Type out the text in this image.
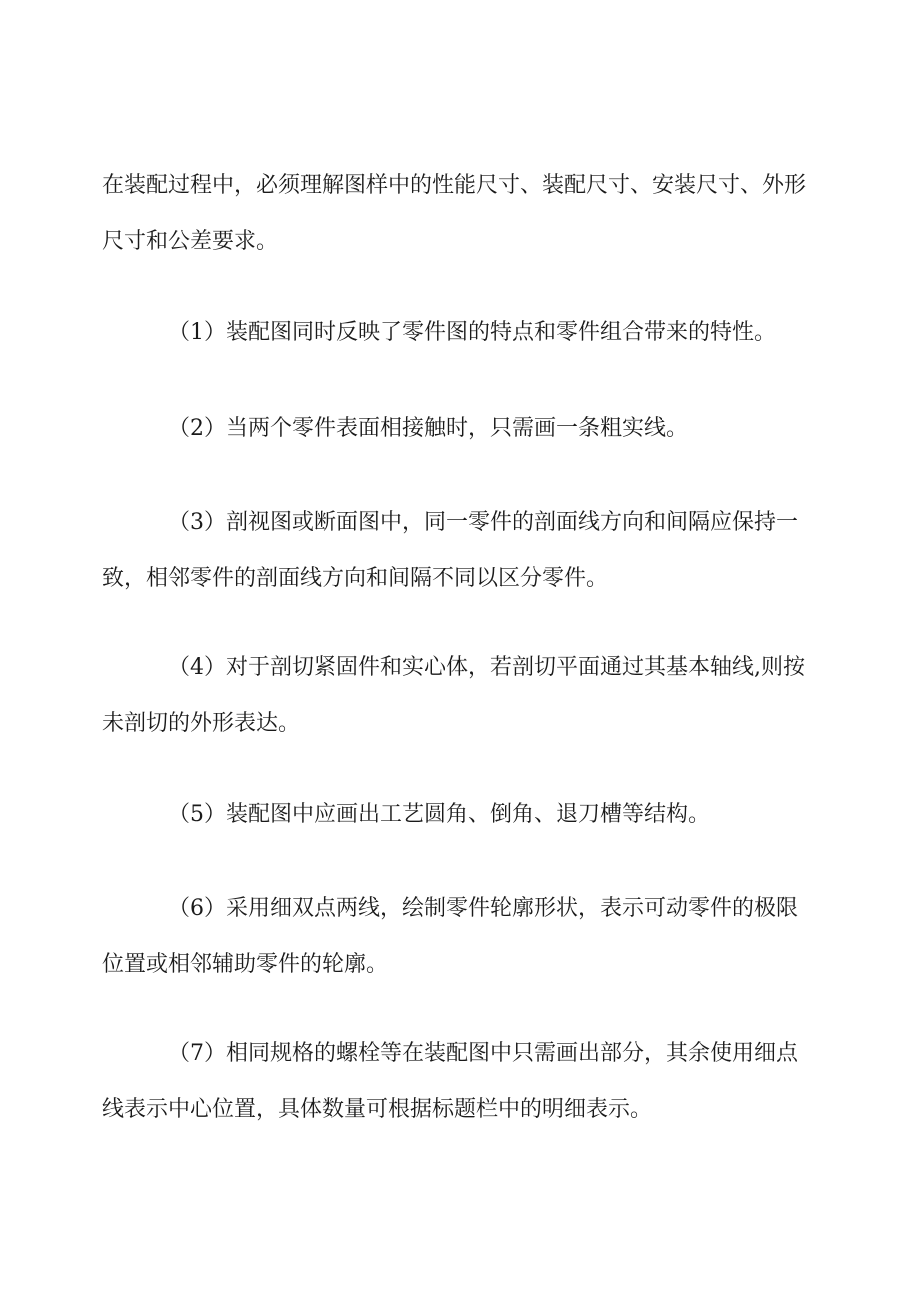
在装配过程中，必须理解图样中的性能尺寸、装配尺寸、安装尺寸、外形尺寸和公差要求。

（1）装配图同时反映了零件图的特点和零件组合带来的特性。

（2）当两个零件表面相接触时，只需画一条粗实线。

（3）剖视图或断面图中，同一零件的剖面线方向和间隔应保持一致，相邻零件的剖面线方向和间隔不同以区分零件。

（4）对于剖切紧固件和实心体，若剖切平面通过其基本轴线,则按未剖切的外形表达。

（5）装配图中应画出工艺圆角、倒角、退刀槽等结构。

（6）采用细双点两线，绘制零件轮廓形状，表示可动零件的极限位置或相邻辅助零件的轮廓。

（7）相同规格的螺栓等在装配图中只需画出部分，其余使用细点线表示中心位置，具体数量可根据标题栏中的明细表示。
